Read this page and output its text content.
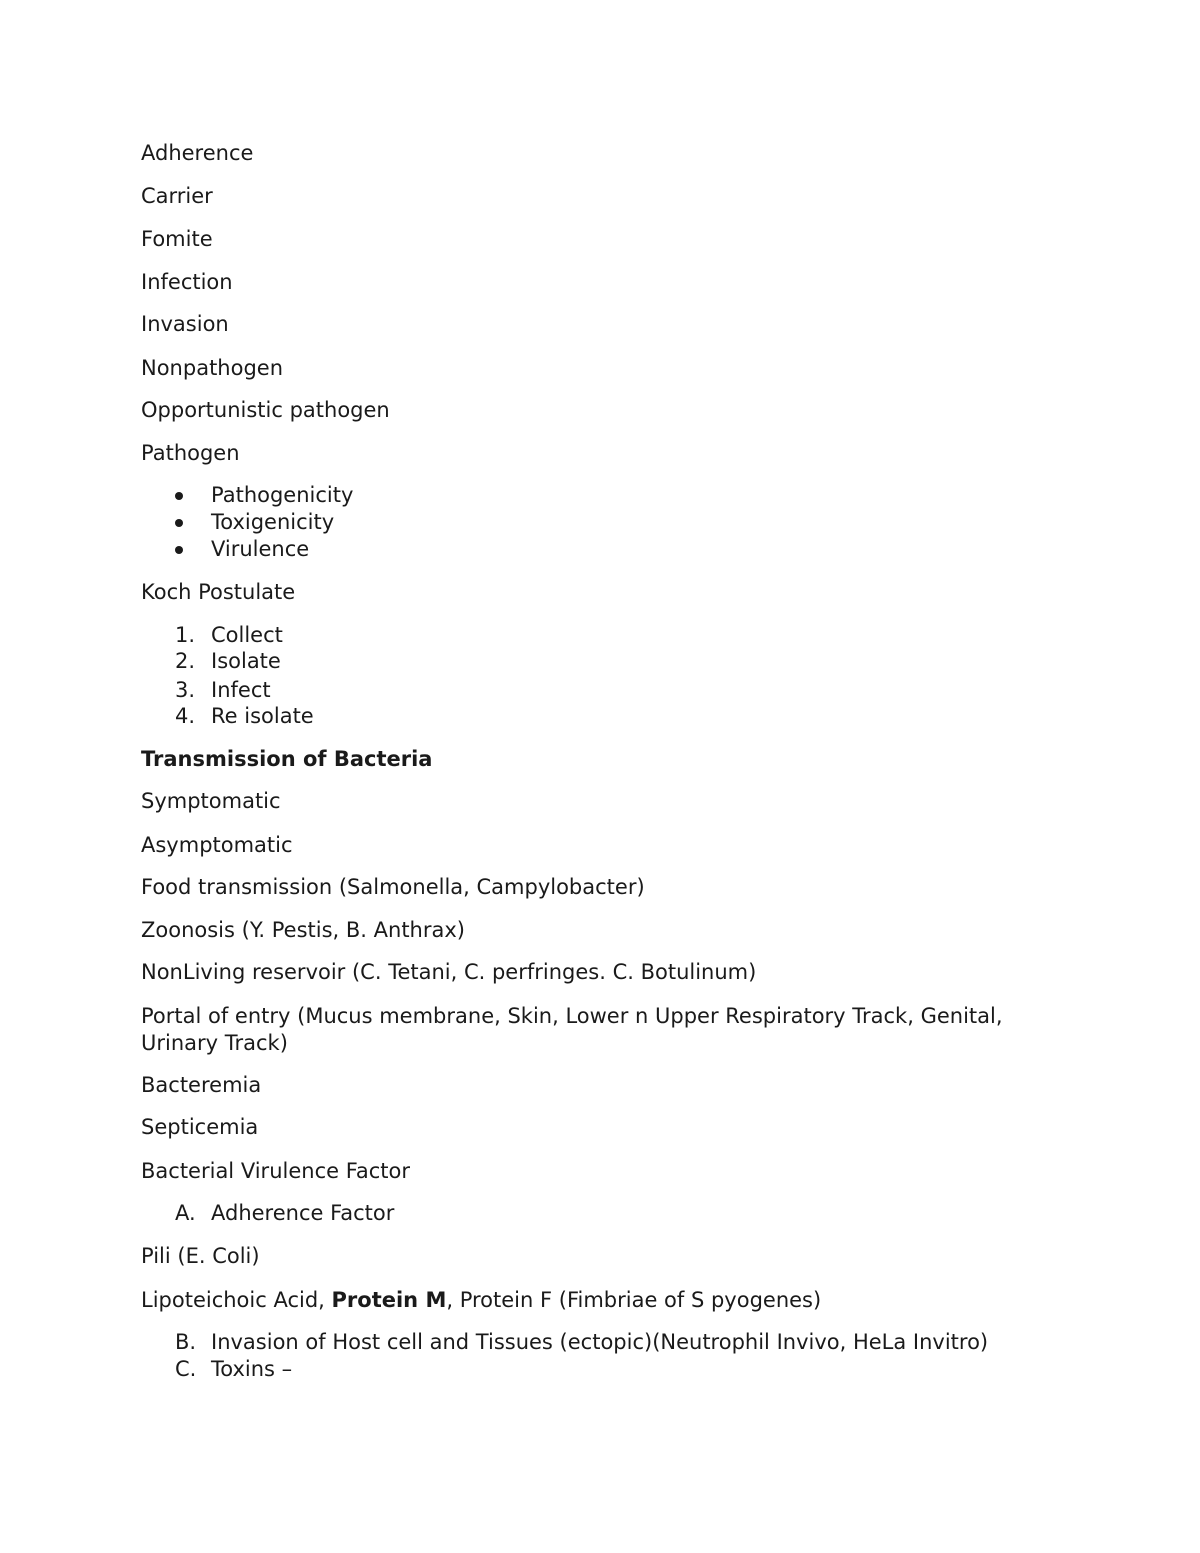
Adherence
Carrier
Fomite
Infection
Invasion
Nonpathogen
Opportunistic pathogen
Pathogen
Pathogenicity
Toxigenicity
Virulence
Koch Postulate
1. Collect
2. Isolate
3. Infect
4. Re isolate
Transmission of Bacteria
Symptomatic
Asymptomatic
Food transmission (Salmonella, Campylobacter)
Zoonosis (Y. Pestis, B. Anthrax)
NonLiving reservoir (C. Tetani, C. perfringes. C. Botulinum)
Portal of entry (Mucus membrane, Skin, Lower n Upper Respiratory Track, Genital,
Urinary Track)
Bacteremia
Septicemia
Bacterial Virulence Factor
A. Adherence Factor
Pili (E. Coli)
Lipoteichoic Acid, Protein M, Protein F (Fimbriae of S pyogenes)
B. Invasion of Host cell and Tissues (ectopic)(Neutrophil Invivo, HeLa Invitro)
C. Toxins –
